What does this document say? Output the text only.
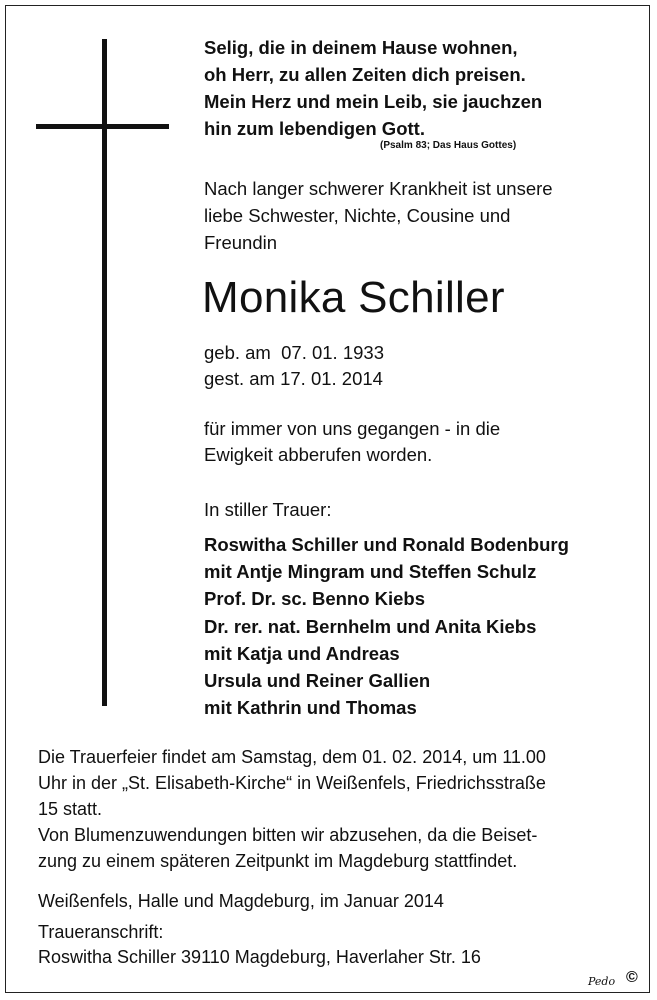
Selig, die in deinem Hause wohnen,
oh Herr, zu allen Zeiten dich preisen.
Mein Herz und mein Leib, sie jauchzen
hin zum lebendigen Gott.
(Psalm 83; Das Haus Gottes)
Nach langer schwerer Krankheit ist unsere
liebe Schwester, Nichte, Cousine und
Freundin
Monika Schiller
geb. am  07. 01. 1933
gest. am 17. 01. 2014
für immer von uns gegangen - in die
Ewigkeit abberufen worden.
In stiller Trauer:
Roswitha Schiller und Ronald Bodenburg
mit Antje Mingram und Steffen Schulz
Prof. Dr. sc. Benno Kiebs
Dr. rer. nat. Bernhelm und Anita Kiebs
mit Katja und Andreas
Ursula und Reiner Gallien
mit Kathrin und Thomas
Die Trauerfeier findet am Samstag, dem 01. 02. 2014, um 11.00
Uhr in der „St. Elisabeth-Kirche“ in Weißenfels, Friedrichsstraße
15 statt.
Von Blumenzuwendungen bitten wir abzusehen, da die Beiset-
zung zu einem späteren Zeitpunkt im Magdeburg stattfindet.
Weißenfels, Halle und Magdeburg, im Januar 2014
Traueranschrift:
Roswitha Schiller 39110 Magdeburg, Haverlaher Str. 16
Pedo ©
